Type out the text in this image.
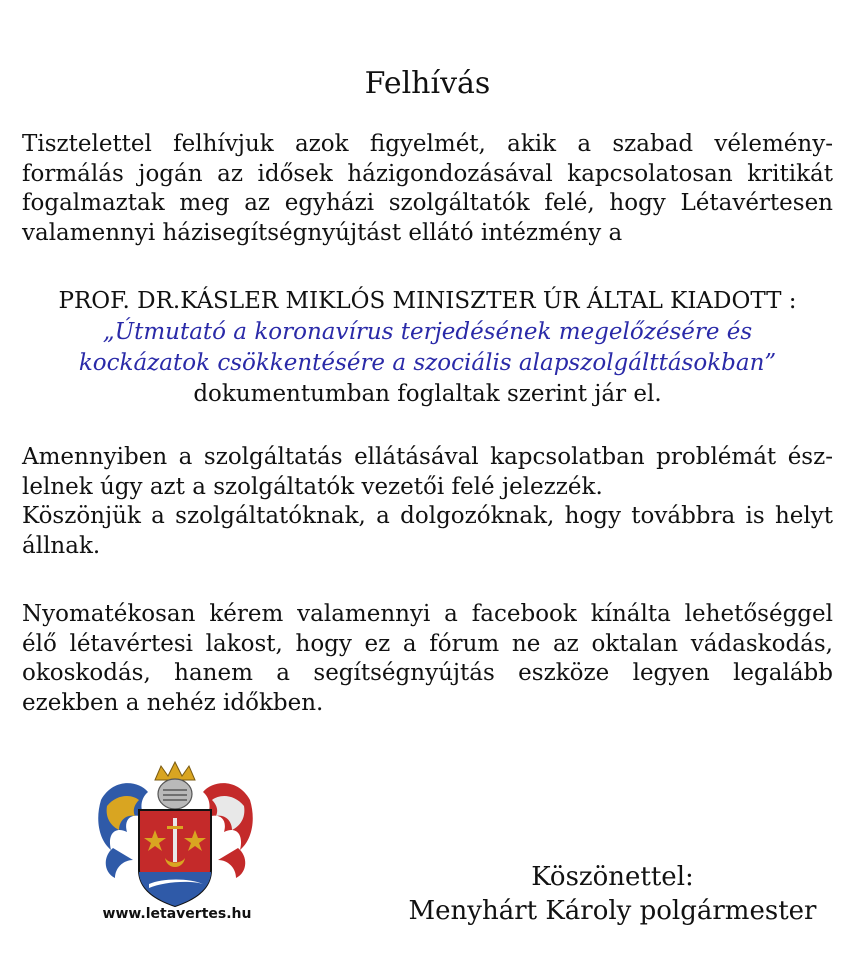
Felhívás
Tisztelettel felhívjuk azok figyelmét, akik a szabad vélemény-formálás jogán az idősek házigondozásával kapcsolatosan kritikát fogalmaztak meg az egyházi szolgáltatók felé, hogy Létavértesen valamennyi házisegítségnyújtást ellátó intézmény a
PROF. DR.KÁSLER MIKLÓS MINISZTER ÚR ÁLTAL KIADOTT :
„Útmutató a koronavírus terjedésének megelőzésére és
kockázatok csökkentésére a szociális alapszolgálttásokban”
dokumentumban foglaltak szerint jár el.
Amennyiben a szolgáltatás ellátásával kapcsolatban problémát ész-lelnek úgy azt a szolgáltatók vezetői felé jelezzék.
Köszönjük a szolgáltatóknak, a dolgozóknak, hogy továbbra is helyt állnak.
Nyomatékosan kérem valamennyi a facebook kínálta lehetőséggel élő létavértesi lakost, hogy ez a fórum ne az oktalan vádaskodás, okoskodás, hanem a segítségnyújtás eszköze legyen legalább ezekben a nehéz időkben.
www.letavertes.hu
Köszönettel:
Menyhárt Károly polgármester
